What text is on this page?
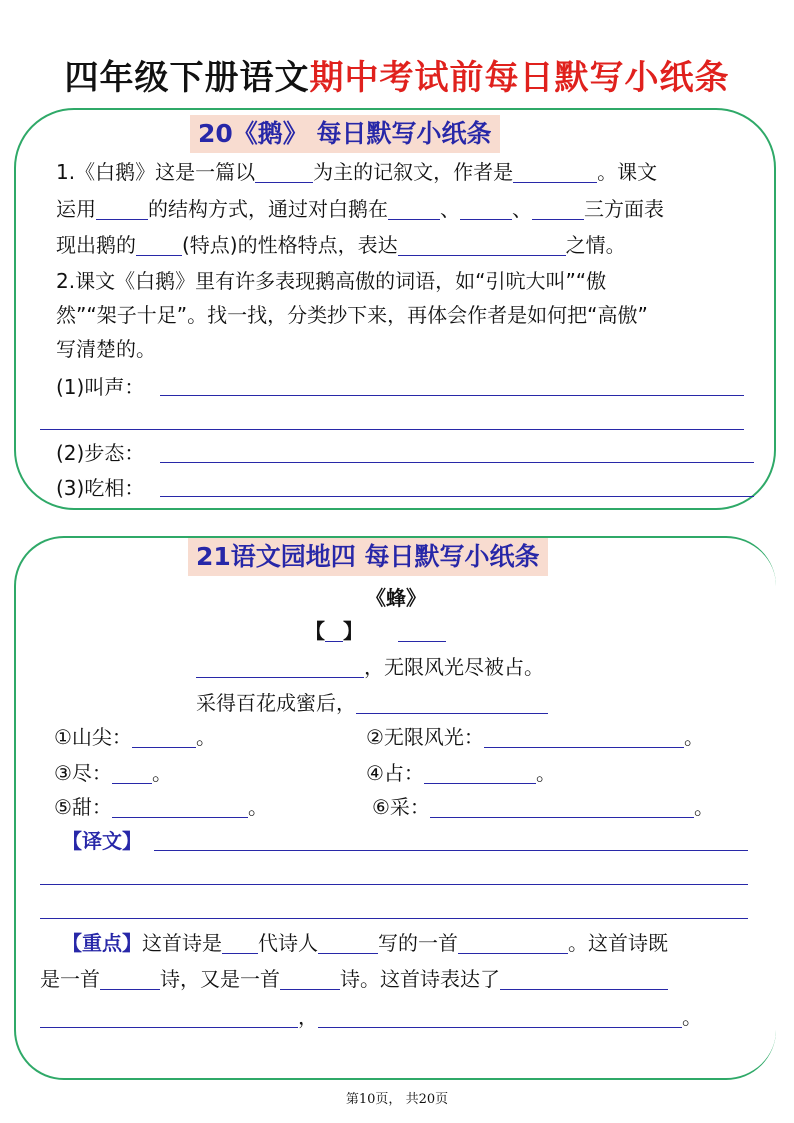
四年级下册语文期中考试前每日默写小纸条
20《鹅》 每日默写小纸条
1.《白鹅》这是一篇以	为主的记叙文，作者是	。课文
运用	的结构方式，通过对白鹅在	、	、	三方面表
现出鹅的 (特点)的性格特点，表达	之情。
2.课文《白鹅》里有许多表现鹅高傲的词语，如“引吭大叫”“傲
然”“架子十足”。找一找，分类抄下来，再体会作者是如何把“高傲”
写清楚的。
(1)叫声：
(2)步态：
(3)吃相：
21语文园地四 每日默写小纸条
《蜂》
【 】
，无限风光尽被占。
采得百花成蜜后，
①山尖：	。	②无限风光：	。
③尽： 。	④占：	。
⑤甜：	。	⑥采：	。
【译文】
【重点】这首诗是 代诗人	写的一首	。这首诗既
是一首	诗，又是一首	诗。这首诗表达了
，	。
第10页， 共20页
